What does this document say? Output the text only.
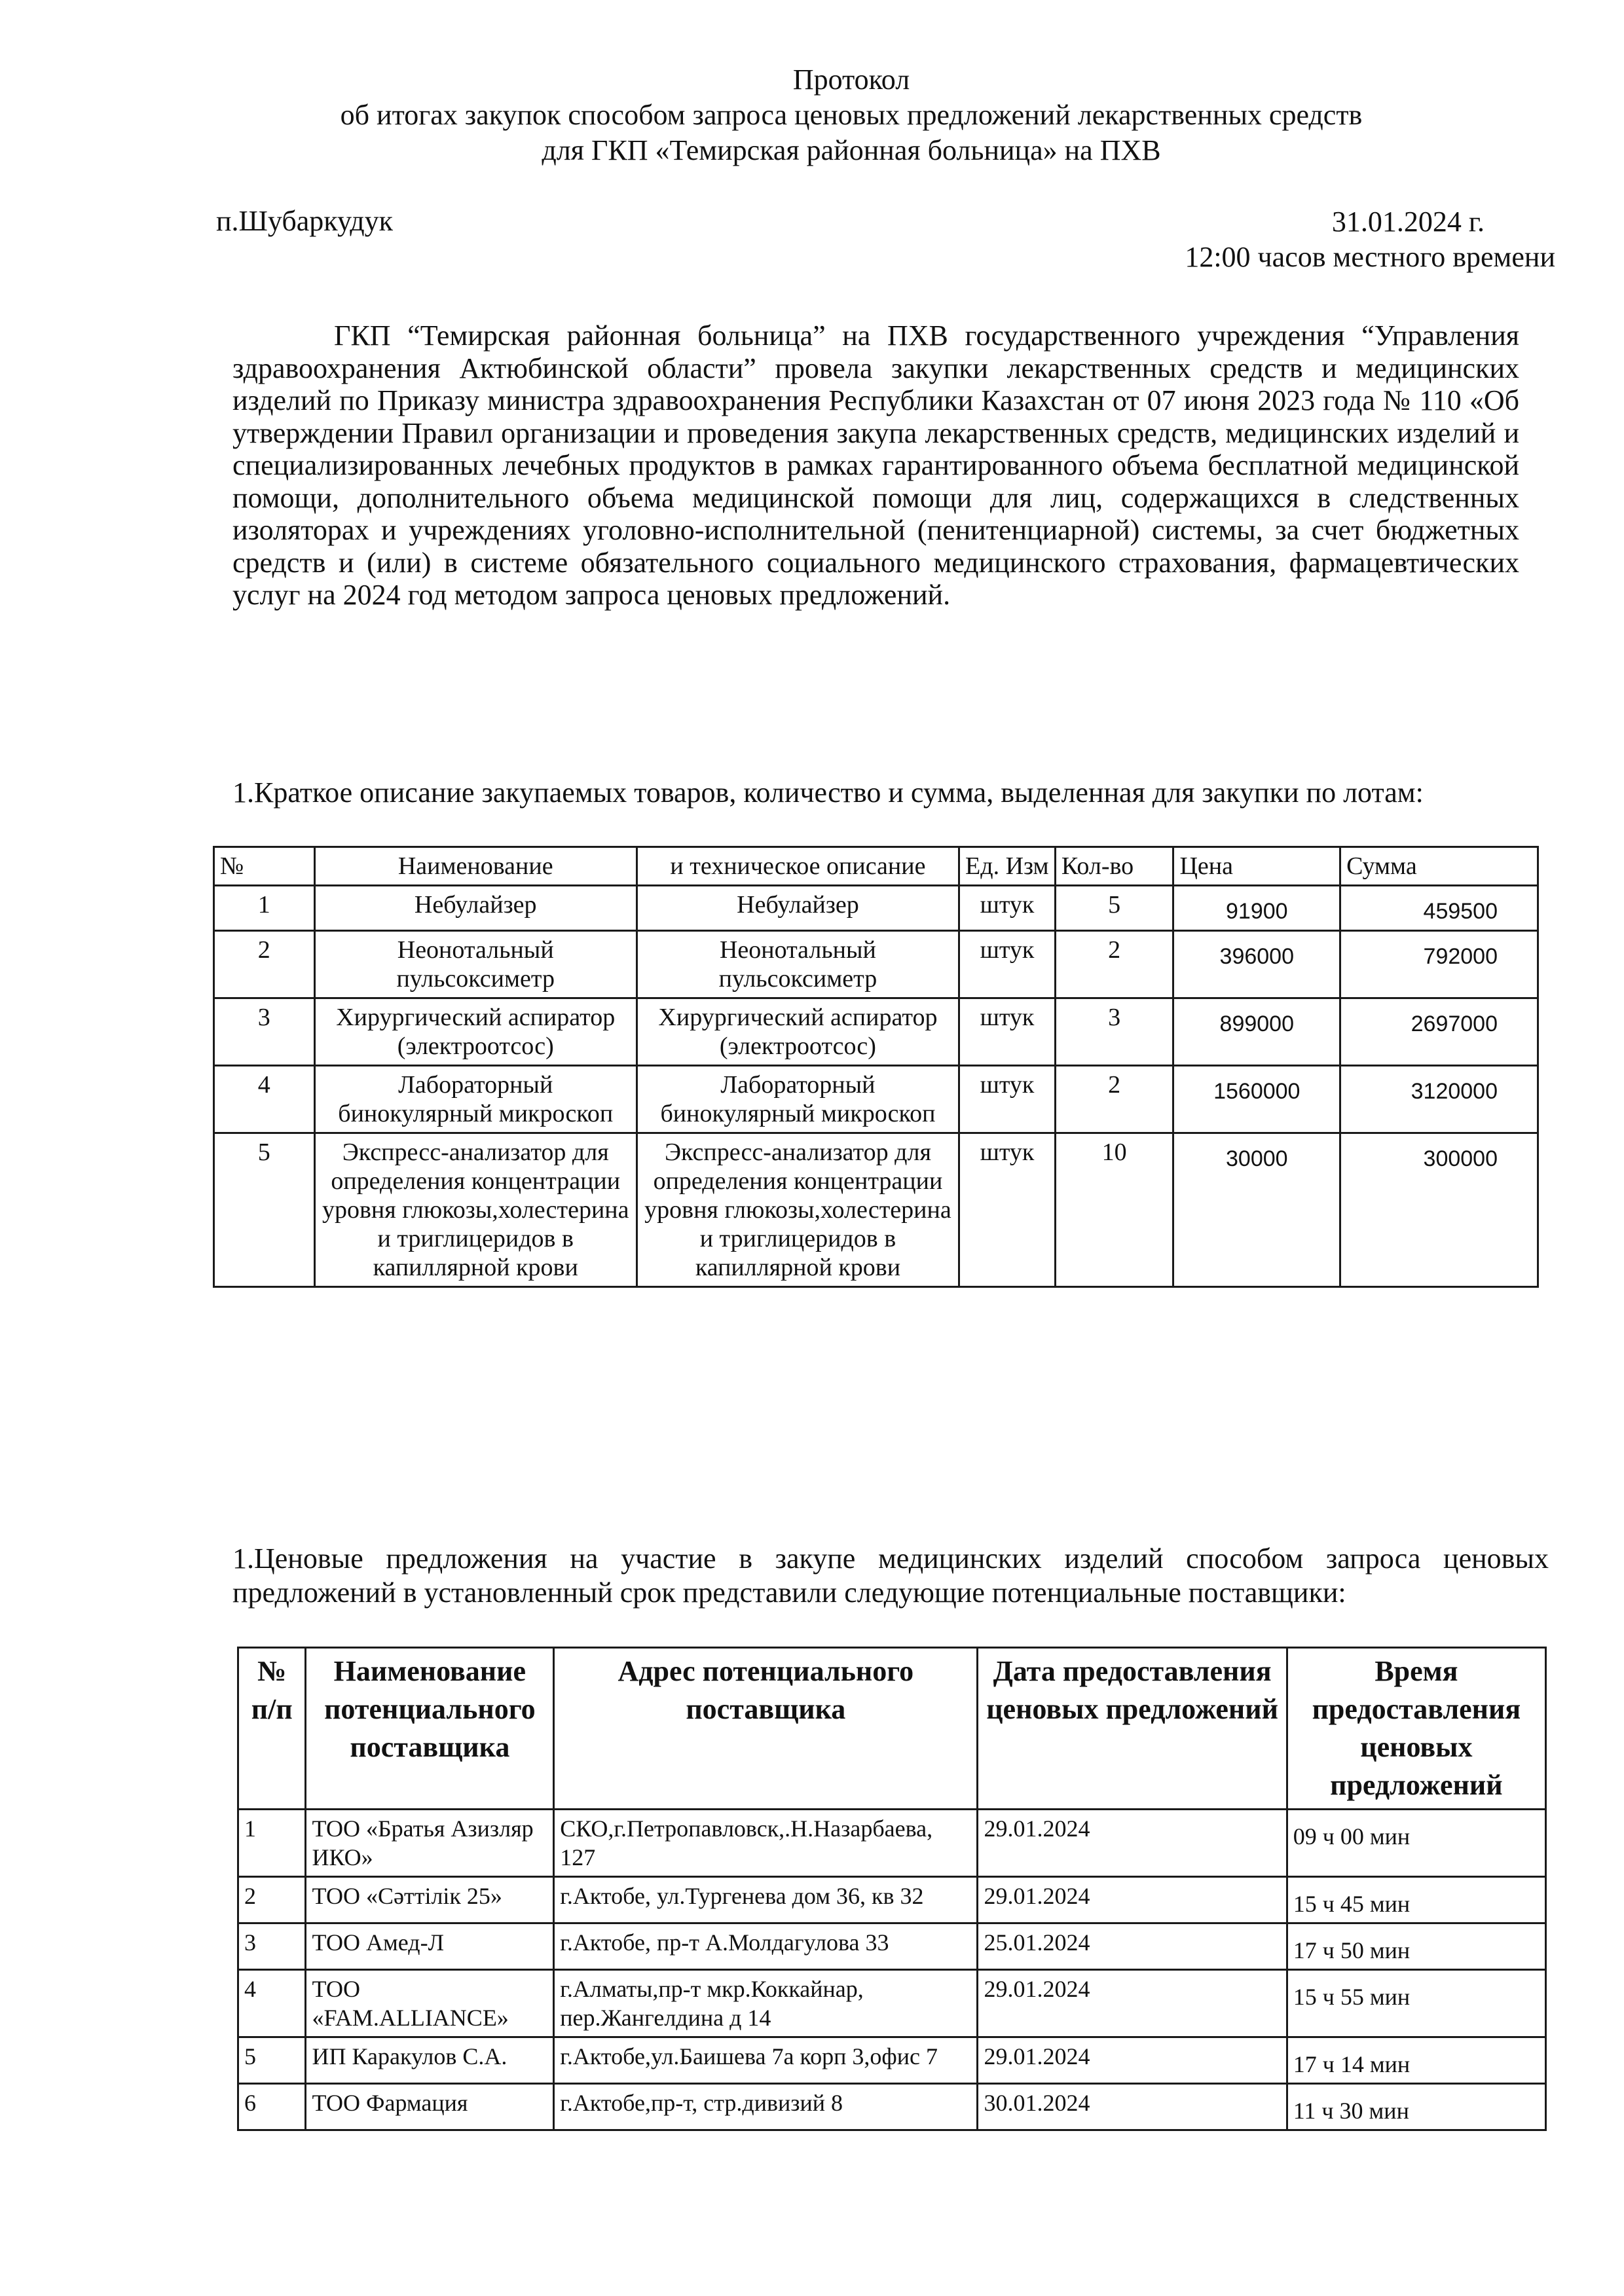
Протокол
об итогах закупок способом запроса ценовых предложений лекарственных средств
для ГКП «Темирская районная больница» на ПХВ
п.Шубаркудук	31.01.2024 г.
12:00 часов местного времени
ГКП “Темирская районная больница” на ПХВ государственного учреждения “Управления здравоохранения Актюбинской области” провела закупки лекарственных средств и медицинских изделий по Приказу министра здравоохранения Республики Казахстан от 07 июня 2023 года № 110 «Об утверждении Правил организации и проведения закупа лекарственных средств, медицинских изделий и специализированных лечебных продуктов в рамках гарантированного объема бесплатной медицинской помощи, дополнительного объема медицинской помощи для лиц, содержащихся в следственных изоляторах и учреждениях уголовно-исполнительной (пенитенциарной) системы, за счет бюджетных средств и (или) в системе обязательного социального медицинского страхования, фармацевтических услуг на 2024 год методом запроса ценовых предложений.
1.Краткое описание закупаемых товаров, количество и сумма, выделенная для закупки по лотам:
№	Наименование	и техническое описание	Ед. Изм	Кол-во	Цена	Сумма
1	Небулайзер	Небулайзер	штук	5	91900	459500
2	Неонотальный пульсоксиметр	Неонотальный пульсоксиметр	штук	2	396000	792000
3	Хирургический аспиратор (электроотсос)	Хирургический аспиратор (электроотсос)	штук	3	899000	2697000
4	Лабораторный бинокулярный микроскоп	Лабораторный бинокулярный микроскоп	штук	2	1560000	3120000
5	Экспресс-анализатор для определения концентрации уровня глюкозы,холестерина и триглицеридов в капиллярной крови	Экспресс-анализатор для определения концентрации уровня глюкозы,холестерина и триглицеридов в капиллярной крови	штук	10	30000	300000
1.Ценовые предложения на участие в закупе медицинских изделий способом запроса ценовых предложений в установленный срок представили следующие потенциальные поставщики:
№ п/п	Наименование потенциального поставщика	Адрес потенциального поставщика	Дата предоставления ценовых предложений	Время предоставления ценовых предложений
1	ТОО «Братья Азизляр ИКО»	СКО,г.Петропавловск,.Н.Назарбаева, 127	29.01.2024	09 ч 00 мин
2	ТОО «Сәттілік 25»	г.Актобе, ул.Тургенева дом 36, кв 32	29.01.2024	15 ч 45 мин
3	ТОО Амед-Л	г.Актобе, пр-т А.Молдагулова 33	25.01.2024	17 ч 50 мин
4	ТОО «FAM.ALLIANCE»	г.Алматы,пр-т мкр.Коккайнар, пер.Жангелдина д 14	29.01.2024	15 ч 55 мин
5	ИП Каракулов С.А.	г.Актобе,ул.Баишева 7а корп 3,офис 7	29.01.2024	17 ч 14 мин
6	ТОО Фармация	г.Актобе,пр-т, стр.дивизий 8	30.01.2024	11 ч 30 мин
